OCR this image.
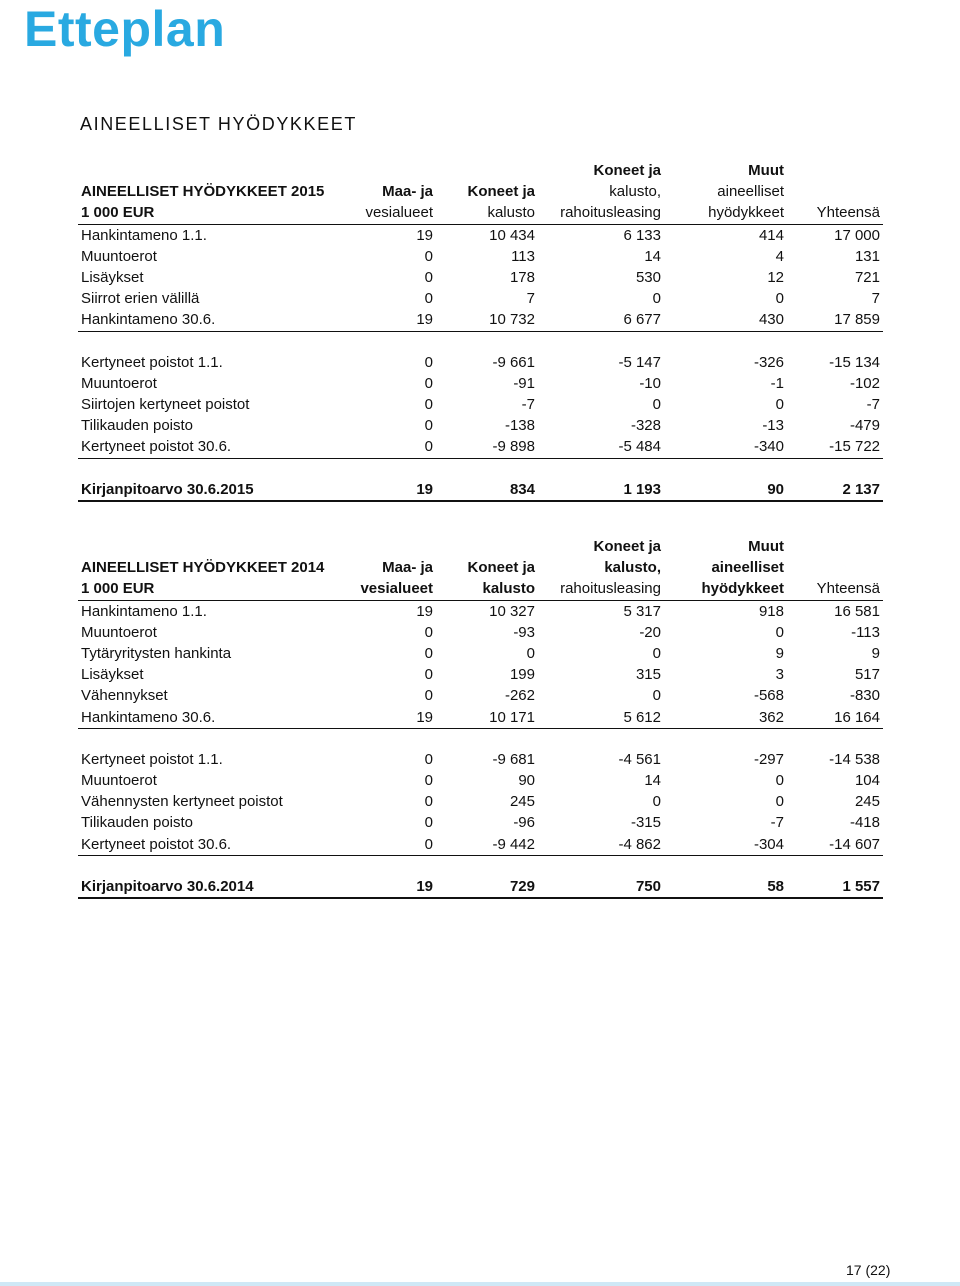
Etteplan
AINEELLISET HYÖDYKKEET
			Koneet ja	Muut	
AINEELLISET HYÖDYKKEET 2015	Maa- ja	Koneet ja	kalusto,	aineelliset	
1 000 EUR	vesialueet	kalusto	rahoitusleasing	hyödykkeet	Yhteensä
Hankintameno 1.1.	19	10 434	6 133	414	17 000
Muuntoerot	0	113	14	4	131
Lisäykset	0	178	530	12	721
Siirrot erien välillä	0	7	0	0	7
Hankintameno 30.6.	19	10 732	6 677	430	17 859

Kertyneet poistot 1.1.	0	-9 661	-5 147	-326	-15 134
Muuntoerot	0	-91	-10	-1	-102
Siirtojen kertyneet poistot	0	-7	0	0	-7
Tilikauden poisto	0	-138	-328	-13	-479
Kertyneet poistot 30.6.	0	-9 898	-5 484	-340	-15 722

Kirjanpitoarvo 30.6.2015	19	834	1 193	90	2 137
			Koneet ja	Muut	
AINEELLISET HYÖDYKKEET 2014	Maa- ja	Koneet ja	kalusto,	aineelliset	
1 000 EUR	vesialueet	kalusto	rahoitusleasing	hyödykkeet	Yhteensä
Hankintameno 1.1.	19	10 327	5 317	918	16 581
Muuntoerot	0	-93	-20	0	-113
Tytäryritysten hankinta	0	0	0	9	9
Lisäykset	0	199	315	3	517
Vähennykset	0	-262	0	-568	-830
Hankintameno 30.6.	19	10 171	5 612	362	16 164

Kertyneet poistot 1.1.	0	-9 681	-4 561	-297	-14 538
Muuntoerot	0	90	14	0	104
Vähennysten kertyneet poistot	0	245	0	0	245
Tilikauden poisto	0	-96	-315	-7	-418
Kertyneet poistot 30.6.	0	-9 442	-4 862	-304	-14 607

Kirjanpitoarvo 30.6.2014	19	729	750	58	1 557
17 (22)
